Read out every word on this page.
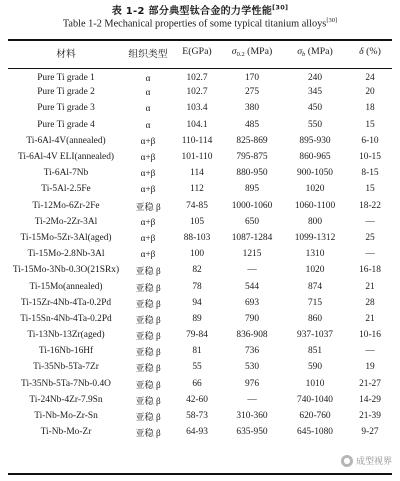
表 1-2 部分典型钛合金的力学性能[30]
Table 1-2 Mechanical properties of some typical titanium alloys[30]
材料	组织类型	E(GPa)	$\sigma_{0.2}$ (MPa)	$\sigma_b$ (MPa)	δ (%)
Pure Ti grade 1	α	102.7	170	240	24
Pure Ti grade 2	α	102.7	275	345	20
Pure Ti grade 3	α	103.4	380	450	18
Pure Ti grade 4	α	104.1	485	550	15
Ti-6Al-4V(annealed)	α+β	110-114	825-869	895-930	6-10
Ti-6Al-4V ELI(annealed)	α+β	101-110	795-875	860-965	10-15
Ti-6Al-7Nb	α+β	114	880-950	900-1050	8-15
Ti-5Al-2.5Fe	α+β	112	895	1020	15
Ti-12Mo-6Zr-2Fe	亚稳 β	74-85	1000-1060	1060-1100	18-22
Ti-2Mo-2Zr-3Al	α+β	105	650	800	—
Ti-15Mo-5Zr-3Al(aged)	α+β	88-103	1087-1284	1099-1312	25
Ti-15Mo-2.8Nb-3Al	α+β	100	1215	1310	—
Ti-15Mo-3Nb-0.3O(21SRx)	亚稳 β	82	—	1020	16-18
Ti-15Mo(annealed)	亚稳 β	78	544	874	21
Ti-15Zr-4Nb-4Ta-0.2Pd	亚稳 β	94	693	715	28
Ti-15Sn-4Nb-4Ta-0.2Pd	亚稳 β	89	790	860	21
Ti-13Nb-13Zr(aged)	亚稳 β	79-84	836-908	937-1037	10-16
Ti-16Nb-16Hf	亚稳 β	81	736	851	—
Ti-35Nb-5Ta-7Zr	亚稳 β	55	530	590	19
Ti-35Nb-5Ta-7Nb-0.4O	亚稳 β	66	976	1010	21-27
Ti-24Nb-4Zr-7.9Sn	亚稳 β	42-60	—	740-1040	14-29
Ti-Nb-Mo-Zr-Sn	亚稳 β	58-73	310-360	620-760	21-39
Ti-Nb-Mo-Zr	亚稳 β	64-93	635-950	645-1080	9-27
● 成型视界
